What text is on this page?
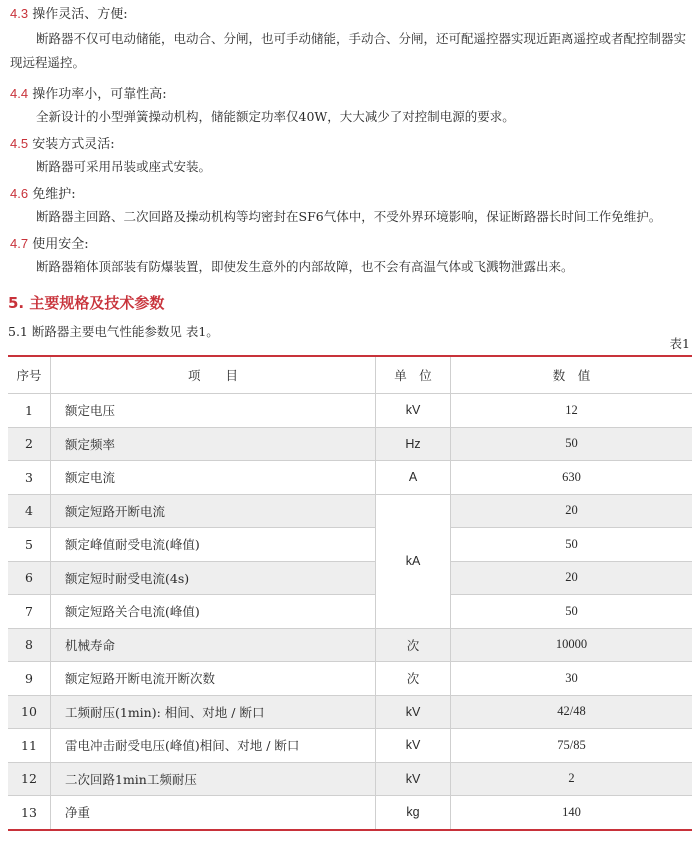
4.3 操作灵活、方便:
断路器不仅可电动储能，电动合、分闸，也可手动储能，手动合、分闸，还可配遥控器实现近距离遥控或者配控制器实现远程遥控。
4.4 操作功率小，可靠性高:
全新设计的小型弹簧操动机构，储能额定功率仅40W，大大减少了对控制电源的要求。
4.5 安装方式灵活:
断路器可采用吊装或座式安装。
4.6 免维护:
断路器主回路、二次回路及操动机构等均密封在SF6气体中，不受外界环境影响，保证断路器长时间工作免维护。
4.7 使用安全:
断路器箱体顶部装有防爆装置，即使发生意外的内部故障，也不会有高温气体或飞溅物泄露出来。
5. 主要规格及技术参数
5.1 断路器主要电气性能参数见 表1。
表1
序号	项　　目	单　位	数　值
1	额定电压	kV	12
2	额定频率	Hz	50
3	额定电流	A	630
4	额定短路开断电流	kA	20
5	额定峰值耐受电流(峰值)		50
6	额定短时耐受电流(4s)		20
7	额定短路关合电流(峰值)		50
8	机械寿命	次	10000
9	额定短路开断电流开断次数	次	30
10	工频耐压(1min): 相间、对地 / 断口	kV	42/48
11	雷电冲击耐受电压(峰值)相间、对地 / 断口	kV	75/85
12	二次回路1min工频耐压	kV	2
13	净重	kg	140
